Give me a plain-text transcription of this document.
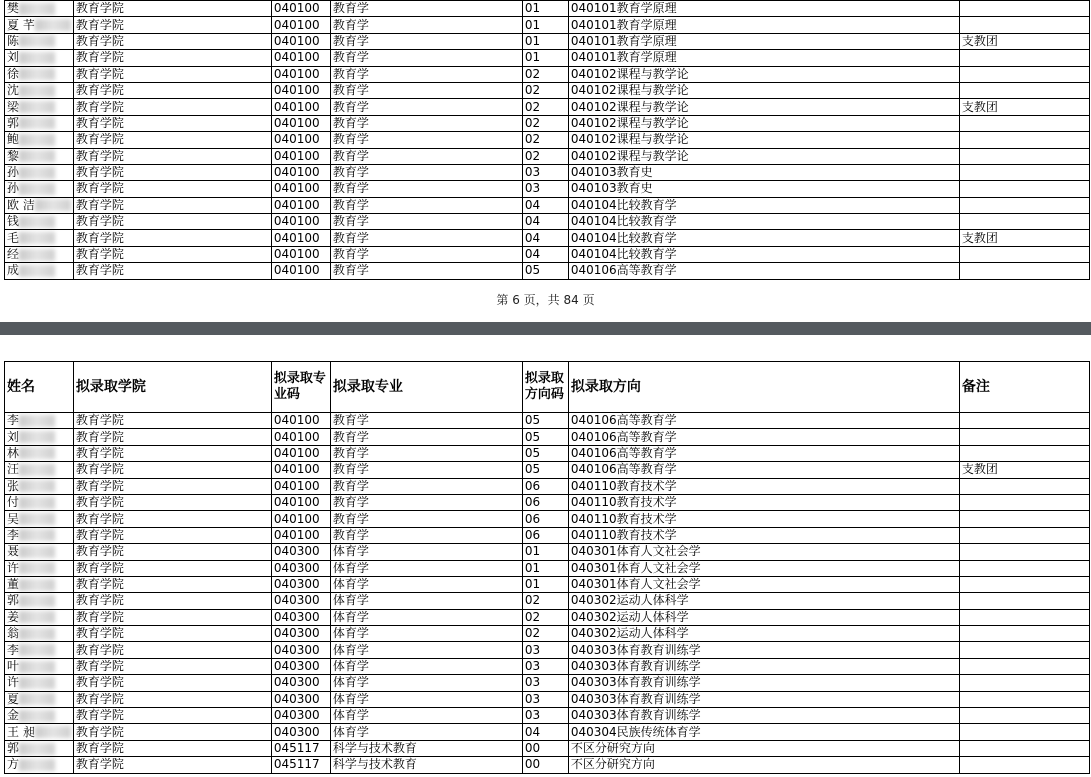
樊	教育学院	040100	教育学	01	040101教育学原理	
夏 芊	教育学院	040100	教育学	01	040101教育学原理	
陈	教育学院	040100	教育学	01	040101教育学原理	支教团
刘	教育学院	040100	教育学	01	040101教育学原理	
徐	教育学院	040100	教育学	02	040102课程与教学论	
沈	教育学院	040100	教育学	02	040102课程与教学论	
梁	教育学院	040100	教育学	02	040102课程与教学论	支教团
郭	教育学院	040100	教育学	02	040102课程与教学论	
鲍	教育学院	040100	教育学	02	040102课程与教学论	
黎	教育学院	040100	教育学	02	040102课程与教学论	
孙	教育学院	040100	教育学	03	040103教育史	
孙	教育学院	040100	教育学	03	040103教育史	
欧 洁	教育学院	040100	教育学	04	040104比较教育学	
钱	教育学院	040100	教育学	04	040104比较教育学	
毛	教育学院	040100	教育学	04	040104比较教育学	支教团
经	教育学院	040100	教育学	04	040104比较教育学	
成	教育学院	040100	教育学	05	040106高等教育学	
第 6 页，共 84 页
姓名	拟录取学院	拟录取专业码	拟录取专业	拟录取方向码	拟录取方向	备注
李	教育学院	040100	教育学	05	040106高等教育学	
刘	教育学院	040100	教育学	05	040106高等教育学	
林	教育学院	040100	教育学	05	040106高等教育学	
汪	教育学院	040100	教育学	05	040106高等教育学	支教团
张	教育学院	040100	教育学	06	040110教育技术学	
付	教育学院	040100	教育学	06	040110教育技术学	
吴	教育学院	040100	教育学	06	040110教育技术学	
李	教育学院	040100	教育学	06	040110教育技术学	
聂	教育学院	040300	体育学	01	040301体育人文社会学	
许	教育学院	040300	体育学	01	040301体育人文社会学	
董	教育学院	040300	体育学	01	040301体育人文社会学	
郭	教育学院	040300	体育学	02	040302运动人体科学	
姜	教育学院	040300	体育学	02	040302运动人体科学	
翁	教育学院	040300	体育学	02	040302运动人体科学	
李	教育学院	040300	体育学	03	040303体育教育训练学	
叶	教育学院	040300	体育学	03	040303体育教育训练学	
许	教育学院	040300	体育学	03	040303体育教育训练学	
夏	教育学院	040300	体育学	03	040303体育教育训练学	
金	教育学院	040300	体育学	03	040303体育教育训练学	
王 昶	教育学院	040300	体育学	04	040304民族传统体育学	
郭	教育学院	045117	科学与技术教育	00	不区分研究方向	
方	教育学院	045117	科学与技术教育	00	不区分研究方向	
